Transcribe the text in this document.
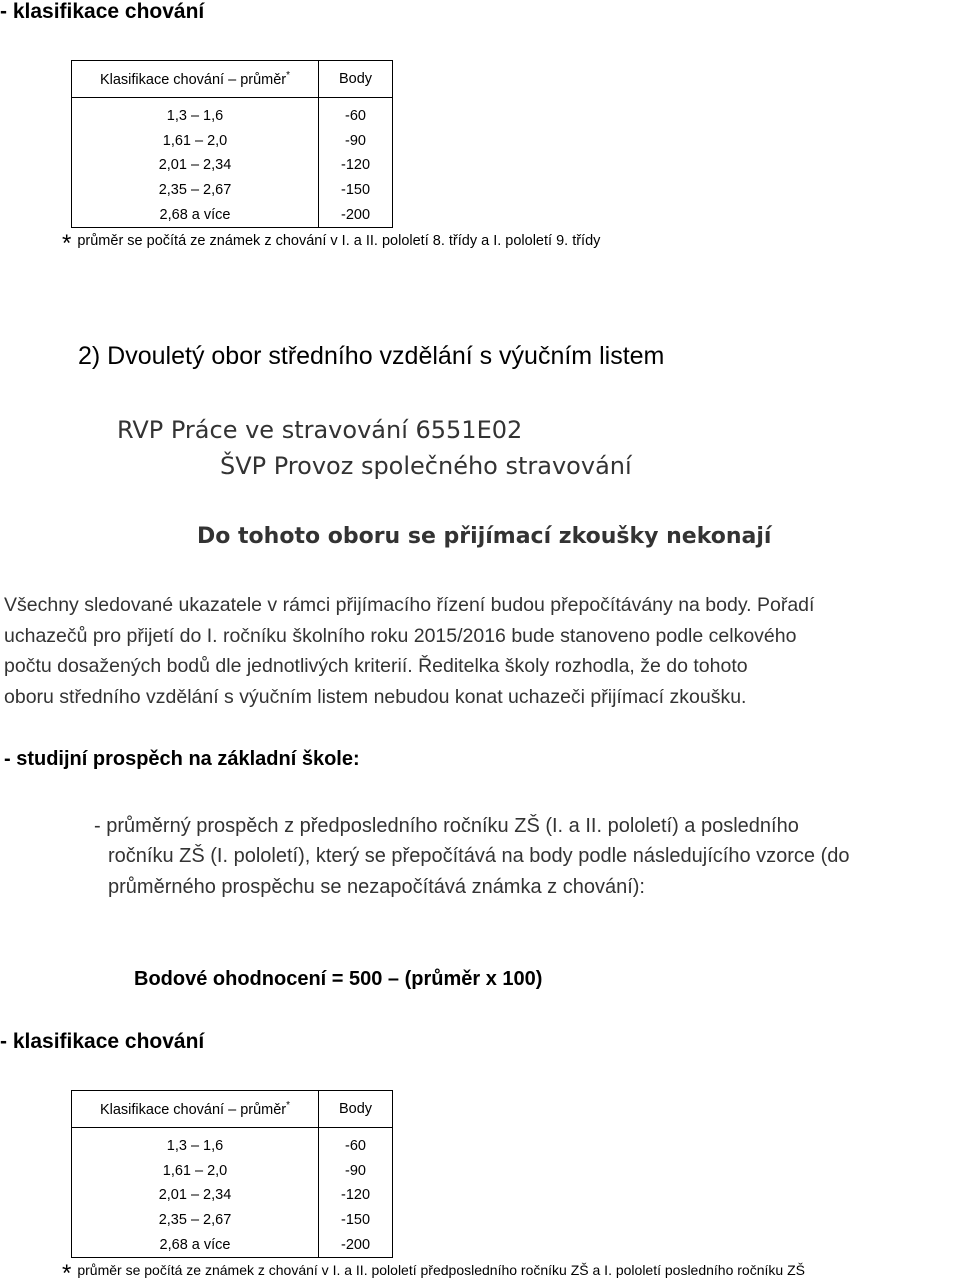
- klasifikace chování
Klasifikace chování – průměr*	Body
1,3 – 1,6	-60
1,61 – 2,0	-90
2,01 – 2,34	-120
2,35 – 2,67	-150
2,68 a více	-200
* průměr se počítá ze známek z chování v I. a II. pololetí 8. třídy a I. pololetí 9. třídy
2) Dvouletý obor středního vzdělání s výučním listem
RVP Práce ve stravování 6551E02
ŠVP Provoz společného stravování
Do tohoto oboru se přijímací zkoušky nekonají
Všechny sledované ukazatele v rámci přijímacího řízení budou přepočítávány na body. Pořadí
uchazečů pro přijetí do I. ročníku školního roku 2015/2016 bude stanoveno podle celkového
počtu dosažených bodů dle jednotlivých kriterií. Ředitelka školy rozhodla, že do tohoto
oboru středního vzdělání s výučním listem nebudou konat uchazeči přijímací zkoušku.
- studijní prospěch na základní škole:
- průměrný prospěch z předposledního ročníku ZŠ (I. a II. pololetí) a posledního
ročníku ZŠ (I. pololetí), který se přepočítává na body podle následujícího vzorce (do
průměrného prospěchu se nezapočítává známka z chování):
Bodové ohodnocení = 500 – (průměr x 100)
- klasifikace chování
Klasifikace chování – průměr*	Body
1,3 – 1,6	-60
1,61 – 2,0	-90
2,01 – 2,34	-120
2,35 – 2,67	-150
2,68 a více	-200
* průměr se počítá ze známek z chování v I. a II. pololetí předposledního ročníku ZŠ a I. pololetí posledního ročníku ZŠ
